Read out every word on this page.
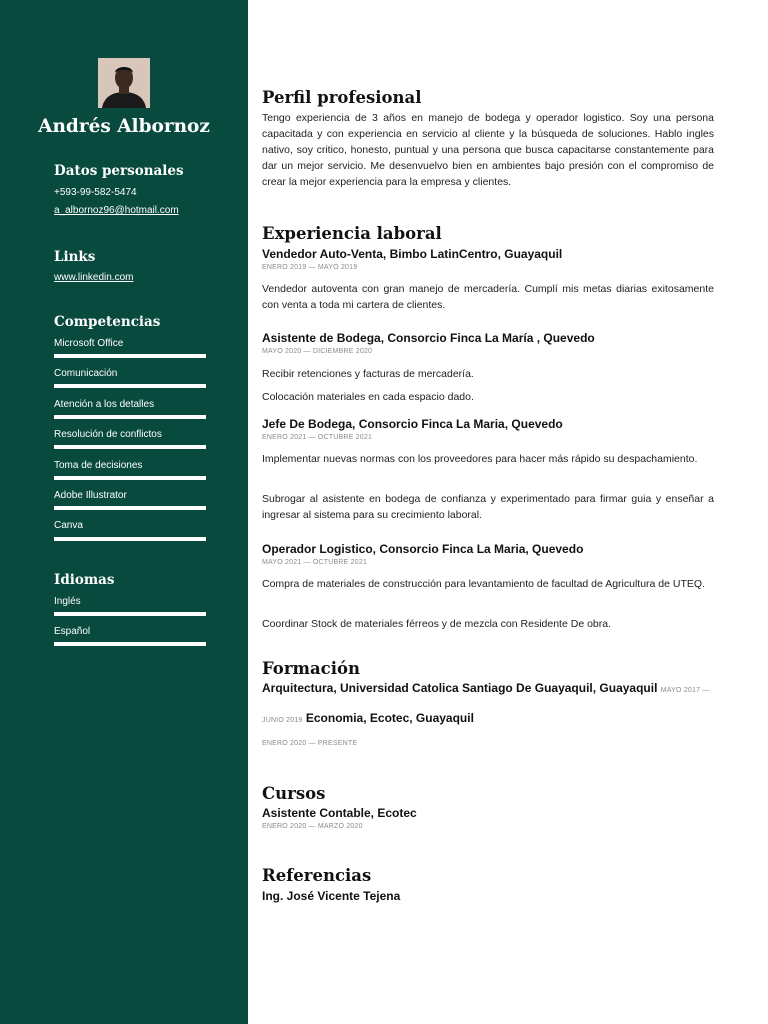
Andrés Albornoz
Datos personales
+593-99-582-5474
a_albornoz96@hotmail.com
Links
www.linkedin.com
Competencias
Microsoft Office
Comunicación
Atención a los detalles
Resolución de conflictos
Toma de decisiones
Adobe Illustrator
Canva
Idiomas
Inglés
Español
Perfil profesional
Tengo experiencia de 3 años en manejo de bodega y operador logistico. Soy una persona capacitada y con experiencia en servicio al cliente y la búsqueda de soluciones. Hablo ingles nativo, soy critico, honesto, puntual y una persona que busca capacitarse constantemente para dar un mejor servicio. Me desenvuelvo bien en ambientes bajo presión con el compromiso de crear la mejor experiencia para la empresa y clientes.
Experiencia laboral
Vendedor Auto-Venta, Bimbo LatinCentro, Guayaquil
ENERO 2019 — MAYO 2019
Vendedor autoventa con gran manejo de mercadería. Cumplí mis metas diarias exitosamente con venta a toda mi cartera de clientes.
Asistente de Bodega, Consorcio Finca La María , Quevedo
MAYO 2020 — DICIEMBRE 2020
Recibir retenciones y facturas de mercadería.
Colocación materiales en cada espacio dado.
Jefe De Bodega, Consorcio Finca La Maria, Quevedo
ENERO 2021 — OCTUBRE 2021
Implementar nuevas normas con los proveedores para hacer más rápido su despachamiento.
Subrogar al asistente en bodega de confianza y experimentado para firmar guia y enseñar a ingresar al sistema para su crecimiento laboral.
Operador Logistico, Consorcio Finca La Maria, Quevedo
MAYO 2021 — OCTUBRE 2021
Compra de materiales de construcción para levantamiento de facultad de Agricultura de UTEQ.
Coordinar Stock de materiales férreos y de mezcla con Residente De obra.
Formación
Arquitectura, Universidad Catolica Santiago De Guayaquil, Guayaquil MAYO 2017 —
JUNIO 2019 Economia, Ecotec, Guayaquil
ENERO 2020 — PRESENTE
Cursos
Asistente Contable, Ecotec
ENERO 2020 — MARZO 2020
Referencias
Ing. José Vicente Tejena
